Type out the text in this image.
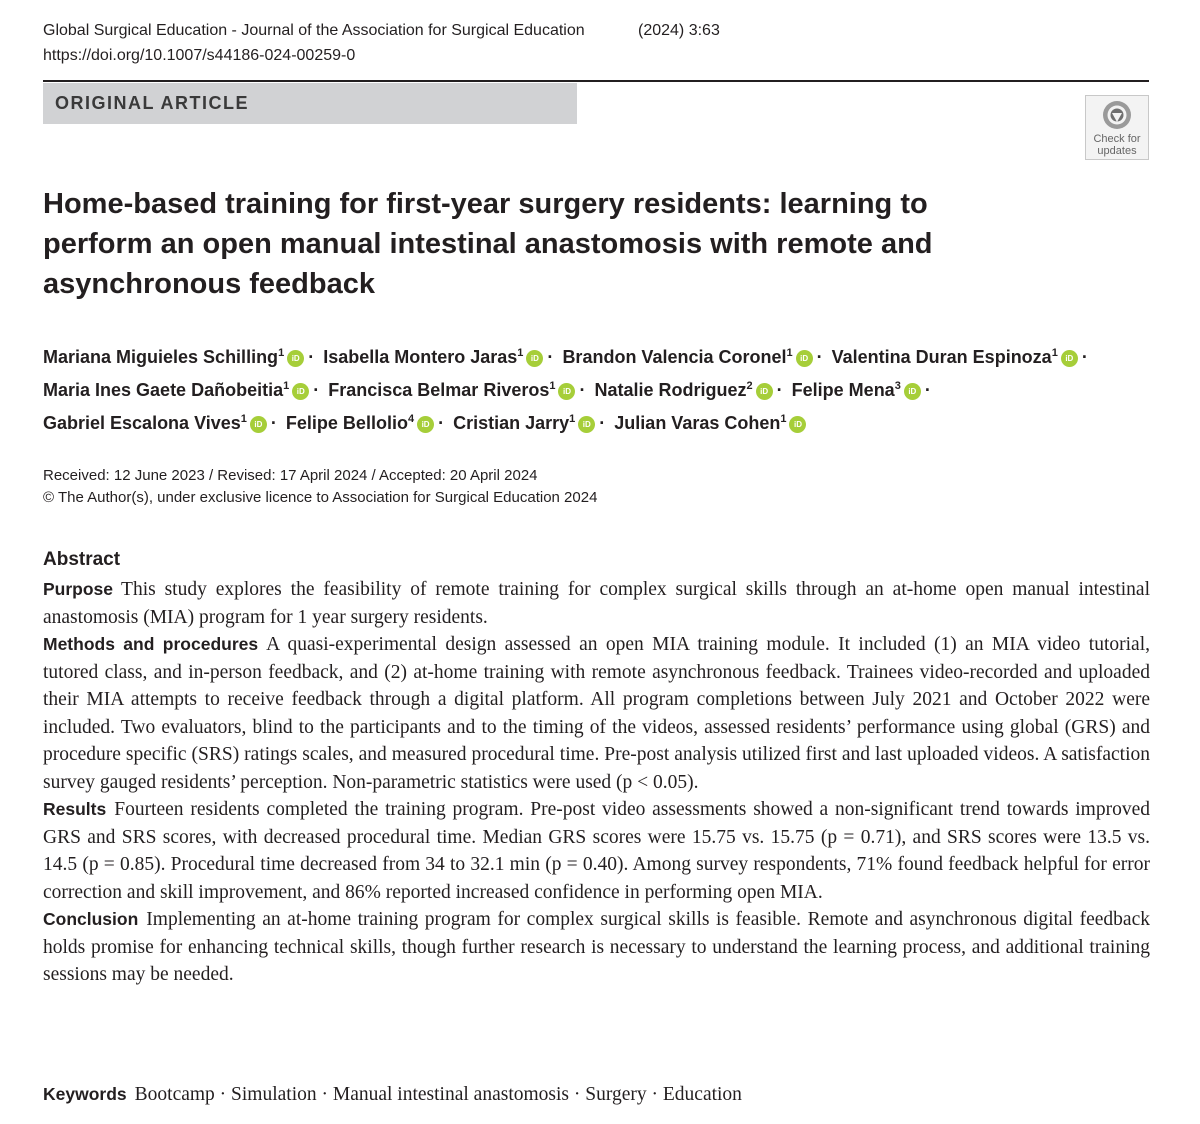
Global Surgical Education - Journal of the Association for Surgical Education	(2024) 3:63
https://doi.org/10.1007/s44186-024-00259-0
ORIGINAL ARTICLE
Check for
updates
Home-based training for first-year surgery residents: learning to perform an open manual intestinal anastomosis with remote and asynchronous feedback
Mariana Miguieles Schilling$^1$ iD · Isabella Montero Jaras$^1$ iD · Brandon Valencia Coronel$^1$ iD · Valentina Duran Espinoza$^1$ iD · Maria Ines Gaete Dañobeitia$^1$ iD · Francisca Belmar Riveros$^1$ iD · Natalie Rodriguez$^2$ iD · Felipe Mena$^3$ iD · Gabriel Escalona Vives$^1$ iD · Felipe Bellolio$^4$ iD · Cristian Jarry$^1$ iD · Julian Varas Cohen$^1$ iD
Received: 12 June 2023 / Revised: 17 April 2024 / Accepted: 20 April 2024
© The Author(s), under exclusive licence to Association for Surgical Education 2024
Abstract

Purpose This study explores the feasibility of remote training for complex surgical skills through an at-home open manual intestinal anastomosis (MIA) program for 1 year surgery residents.

Methods and procedures A quasi-experimental design assessed an open MIA training module. It included (1) an MIA video tutorial, tutored class, and in-person feedback, and (2) at-home training with remote asynchronous feedback. Trainees video-recorded and uploaded their MIA attempts to receive feedback through a digital platform. All program completions between July 2021 and October 2022 were included. Two evaluators, blind to the participants and to the timing of the videos, assessed residents’ performance using global (GRS) and procedure specific (SRS) ratings scales, and measured procedural time. Pre-post analysis utilized first and last uploaded videos. A satisfaction survey gauged residents’ perception. Non-parametric statistics were used (p < 0.05).

Results Fourteen residents completed the training program. Pre-post video assessments showed a non-significant trend towards improved GRS and SRS scores, with decreased procedural time. Median GRS scores were 15.75 vs. 15.75 (p = 0.71), and SRS scores were 13.5 vs. 14.5 (p = 0.85). Procedural time decreased from 34 to 32.1 min (p = 0.40). Among survey respondents, 71% found feedback helpful for error correction and skill improvement, and 86% reported increased confidence in performing open MIA.

Conclusion Implementing an at-home training program for complex surgical skills is feasible. Remote and asynchronous digital feedback holds promise for enhancing technical skills, though further research is necessary to understand the learning process, and additional training sessions may be needed.

Keywords Bootcamp · Simulation · Manual intestinal anastomosis · Surgery · Education
